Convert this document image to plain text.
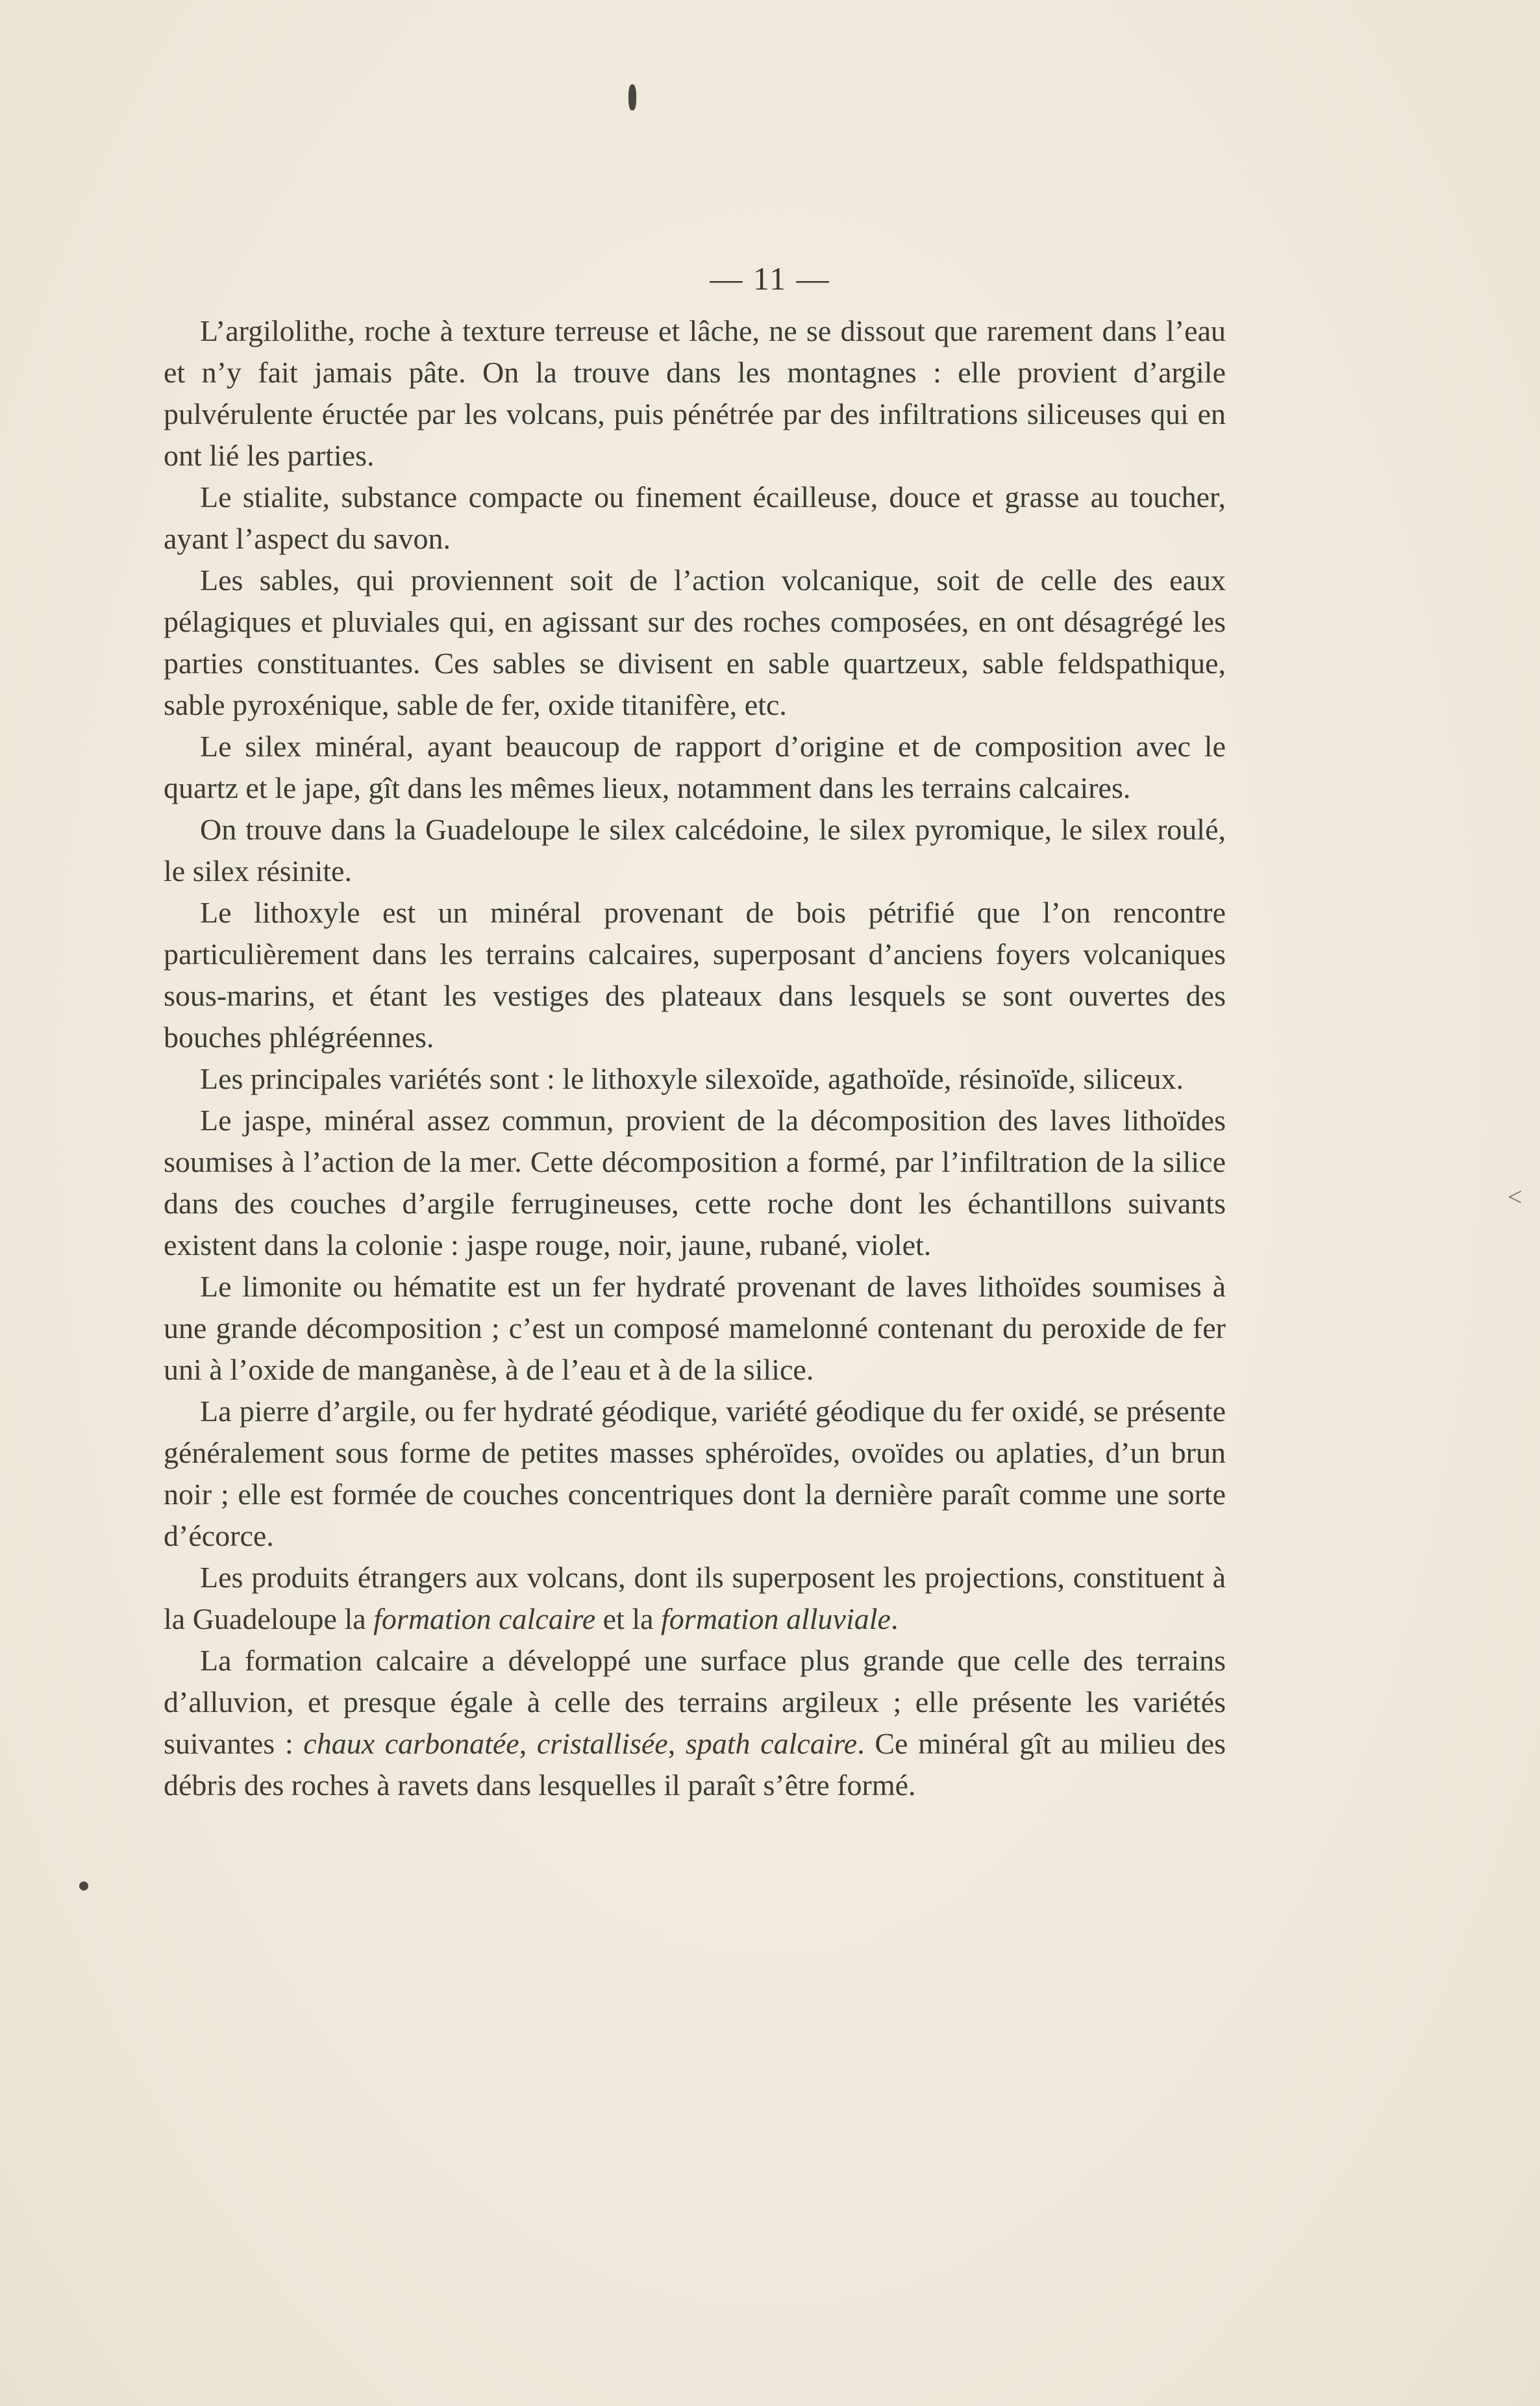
<
— 11 —

L’argilolithe, roche à texture terreuse et lâche, ne se dissout que rarement dans l’eau et n’y fait jamais pâte. On la trouve dans les montagnes : elle provient d’argile pulvérulente éructée par les volcans, puis pénétrée par des infiltrations siliceuses qui en ont lié les parties.

Le stialite, substance compacte ou finement écailleuse, douce et grasse au toucher, ayant l’aspect du savon.

Les sables, qui proviennent soit de l’action volcanique, soit de celle des eaux pélagiques et pluviales qui, en agissant sur des roches composées, en ont désagrégé les parties constituantes. Ces sables se divisent en sable quartzeux, sable feldspathique, sable pyroxénique, sable de fer, oxide titanifère, etc.

Le silex minéral, ayant beaucoup de rapport d’origine et de composition avec le quartz et le jape, gît dans les mêmes lieux, notamment dans les terrains calcaires.

On trouve dans la Guadeloupe le silex calcédoine, le silex pyromique, le silex roulé, le silex résinite.

Le lithoxyle est un minéral provenant de bois pétrifié que l’on rencontre particulièrement dans les terrains calcaires, superposant d’anciens foyers volcaniques sous-marins, et étant les vestiges des plateaux dans lesquels se sont ouvertes des bouches phlégréennes.

Les principales variétés sont : le lithoxyle silexoïde, agathoïde, résinoïde, siliceux.

Le jaspe, minéral assez commun, provient de la décomposition des laves lithoïdes soumises à l’action de la mer. Cette décomposition a formé, par l’infiltration de la silice dans des couches d’argile ferrugineuses, cette roche dont les échantillons suivants existent dans la colonie : jaspe rouge, noir, jaune, rubané, violet.

Le limonite ou hématite est un fer hydraté provenant de laves lithoïdes soumises à une grande décomposition ; c’est un composé mamelonné contenant du peroxide de fer uni à l’oxide de manganèse, à de l’eau et à de la silice.

La pierre d’argile, ou fer hydraté géodique, variété géodique du fer oxidé, se présente généralement sous forme de petites masses sphéroïdes, ovoïdes ou aplaties, d’un brun noir ; elle est formée de couches concentriques dont la dernière paraît comme une sorte d’écorce.

Les produits étrangers aux volcans, dont ils superposent les projections, constituent à la Guadeloupe la formation calcaire et la formation alluviale.

La formation calcaire a développé une surface plus grande que celle des terrains d’alluvion, et presque égale à celle des terrains argileux ; elle présente les variétés suivantes : chaux carbonatée, cristallisée, spath calcaire. Ce minéral gît au milieu des débris des roches à ravets dans lesquelles il paraît s’être formé.
